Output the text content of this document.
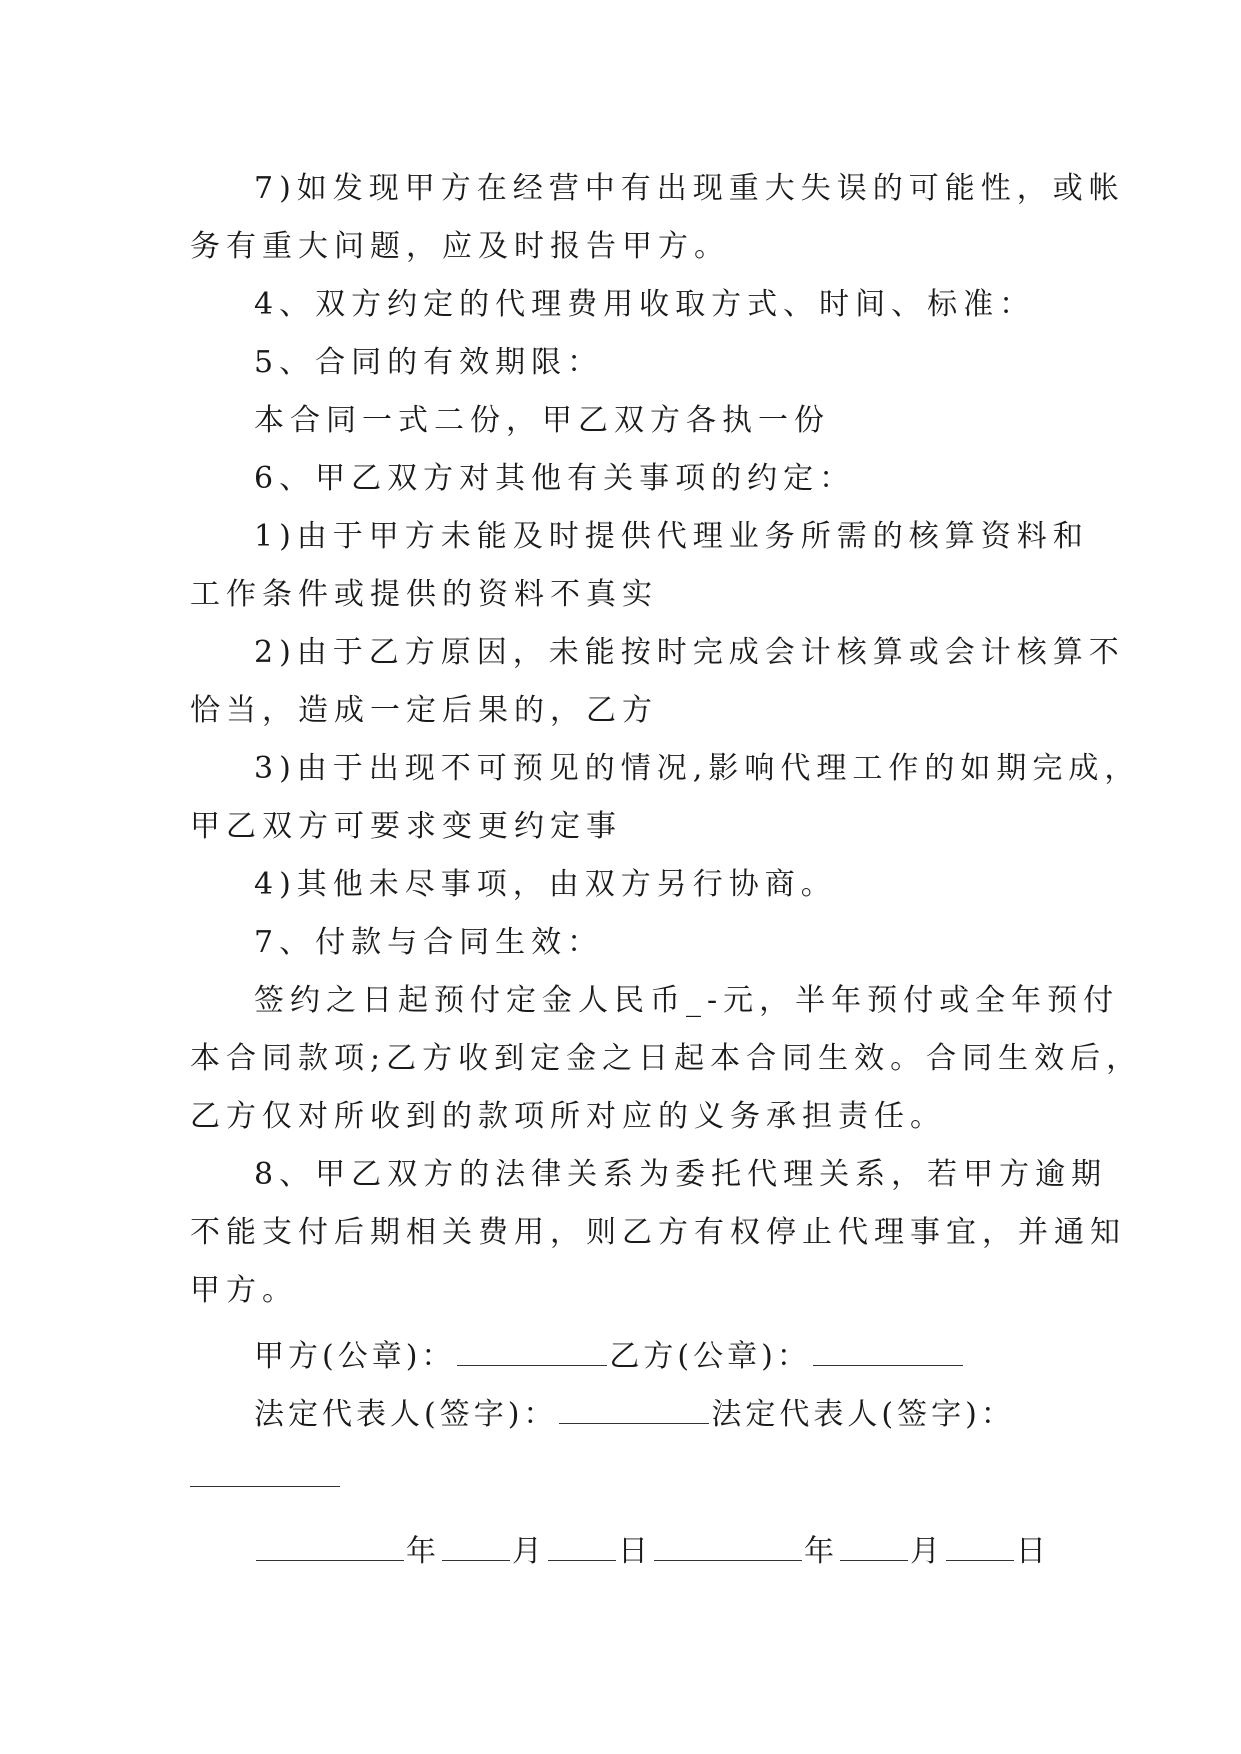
7)如发现甲方在经营中有出现重大失误的可能性，或帐

务有重大问题，应及时报告甲方。

4、双方约定的代理费用收取方式、时间、标准：

5、合同的有效期限：

本合同一式二份，甲乙双方各执一份

6、甲乙双方对其他有关事项的约定：

1)由于甲方未能及时提供代理业务所需的核算资料和

工作条件或提供的资料不真实

2)由于乙方原因，未能按时完成会计核算或会计核算不

恰当，造成一定后果的，乙方

3)由于出现不可预见的情况,影响代理工作的如期完成，

甲乙双方可要求变更约定事

4)其他未尽事项，由双方另行协商。

7、付款与合同生效：

签约之日起预付定金人民币_-元，半年预付或全年预付

本合同款项;乙方收到定金之日起本合同生效。合同生效后，

乙方仅对所收到的款项所对应的义务承担责任。

8、甲乙双方的法律关系为委托代理关系，若甲方逾期

不能支付后期相关费用，则乙方有权停止代理事宜，并通知

甲方。

甲方(公章)：	乙方(公章)：

法定代表人(签字)：	法定代表人(签字)：

年 月 日	年 月 日
